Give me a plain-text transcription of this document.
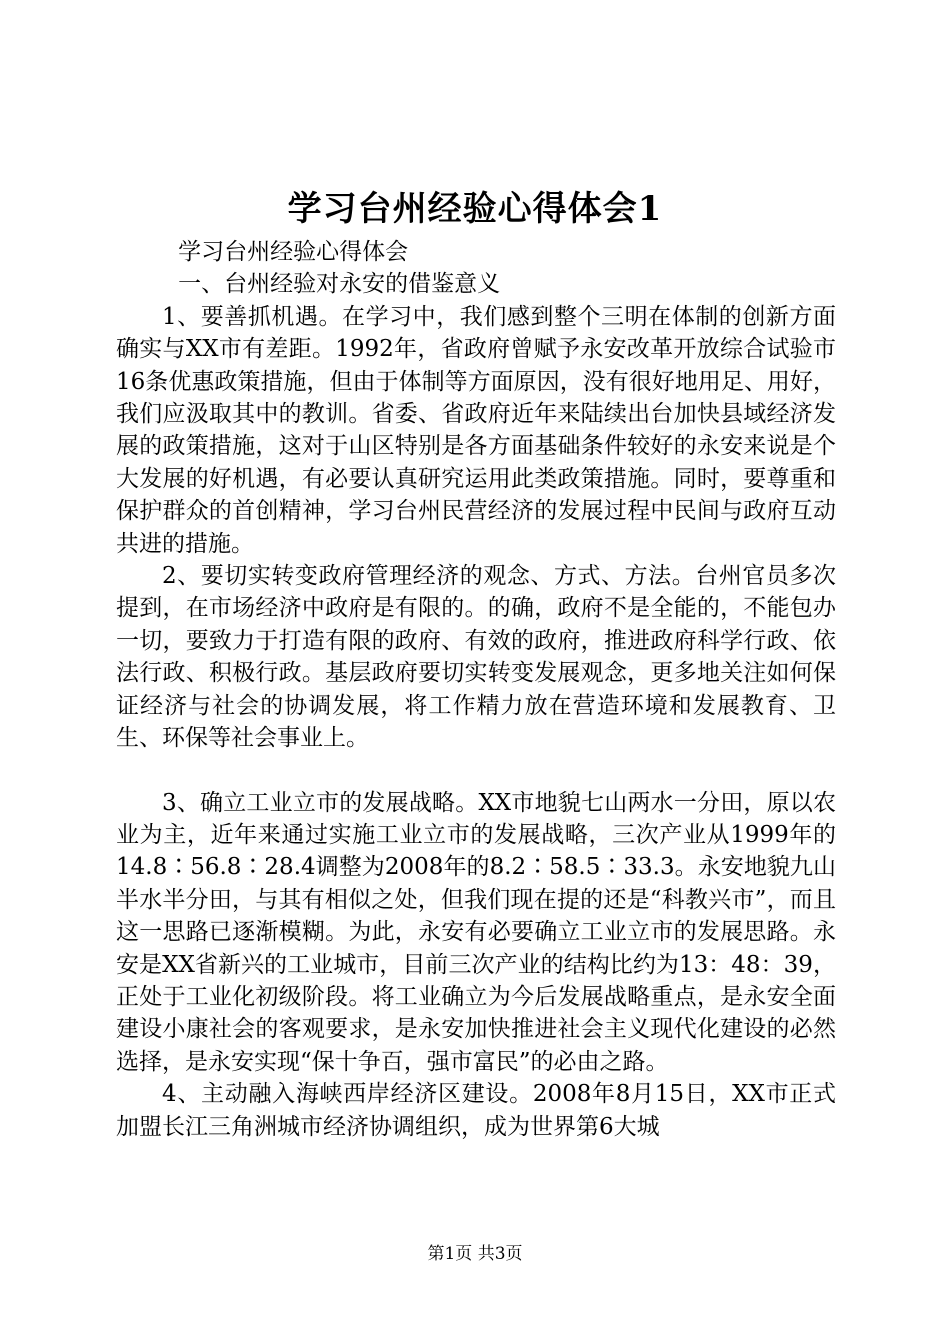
学习台州经验心得体会1

学习台州经验心得体会

一、台州经验对永安的借鉴意义

1、要善抓机遇。在学习中，我们感到整个三明在体制的创新方面确实与XX市有差距。1992年，省政府曾赋予永安改革开放综合试验市16条优惠政策措施，但由于体制等方面原因，没有很好地用足、用好，我们应汲取其中的教训。省委、省政府近年来陆续出台加快县域经济发展的政策措施，这对于山区特别是各方面基础条件较好的永安来说是个大发展的好机遇，有必要认真研究运用此类政策措施。同时，要尊重和保护群众的首创精神，学习台州民营经济的发展过程中民间与政府互动共进的措施。

2、要切实转变政府管理经济的观念、方式、方法。台州官员多次提到，在市场经济中政府是有限的。的确，政府不是全能的，不能包办一切，要致力于打造有限的政府、有效的政府，推进政府科学行政、依法行政、积极行政。基层政府要切实转变发展观念，更多地关注如何保证经济与社会的协调发展，将工作精力放在营造环境和发展教育、卫生、环保等社会事业上。

3、确立工业立市的发展战略。XX市地貌七山两水一分田，原以农业为主，近年来通过实施工业立市的发展战略，三次产业从1999年的14.8∶56.8∶28.4调整为2008年的8.2∶58.5∶33.3。永安地貌九山半水半分田，与其有相似之处，但我们现在提的还是“科教兴市”，而且这一思路已逐渐模糊。为此，永安有必要确立工业立市的发展思路。永安是XX省新兴的工业城市，目前三次产业的结构比约为13：48：39，正处于工业化初级阶段。将工业确立为今后发展战略重点，是永安全面建设小康社会的客观要求，是永安加快推进社会主义现代化建设的必然选择，是永安实现“保十争百，强市富民”的必由之路。

4、主动融入海峡西岸经济区建设。2008年8月15日，XX市正式加盟长江三角洲城市经济协调组织，成为世界第6大城

第1页 共3页
